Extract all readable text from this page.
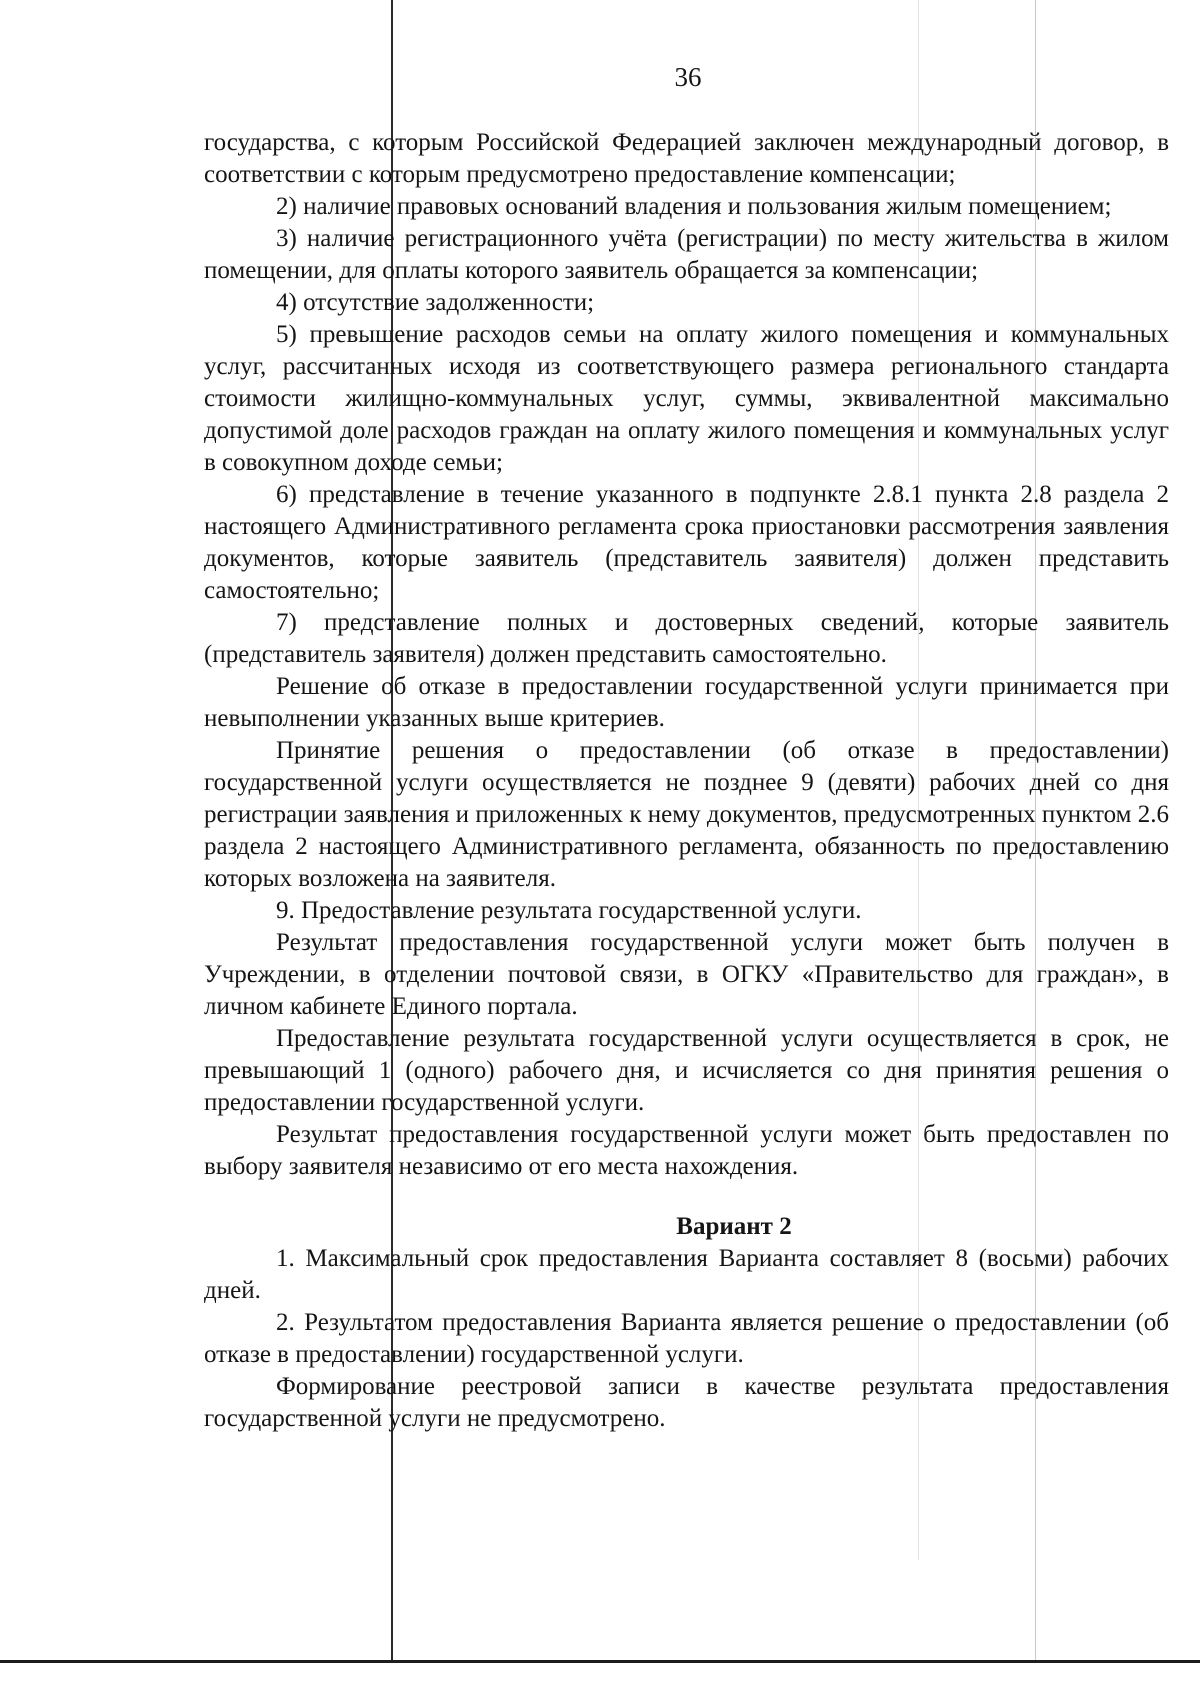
36

государства, с которым Российской Федерацией заключен международный договор, в соответствии с которым предусмотрено предоставление компенсации;

2) наличие правовых оснований владения и пользования жилым помещением;

3) наличие регистрационного учёта (регистрации) по месту жительства в жилом помещении, для оплаты которого заявитель обращается за компенсации;

4) отсутствие задолженности;

5) превышение расходов семьи на оплату жилого помещения и коммунальных услуг, рассчитанных исходя из соответствующего размера регионального стандарта стоимости жилищно-коммунальных услуг, суммы, эквивалентной максимально допустимой доле расходов граждан на оплату жилого помещения и коммунальных услуг в совокупном доходе семьи;

6) представление в течение указанного в подпункте 2.8.1 пункта 2.8 раздела 2 настоящего Административного регламента срока приостановки рассмотрения заявления документов, которые заявитель (представитель заявителя) должен представить самостоятельно;

7) представление полных и достоверных сведений, которые заявитель (представитель заявителя) должен представить самостоятельно.

Решение об отказе в предоставлении государственной услуги принимается при невыполнении указанных выше критериев.

Принятие решения о предоставлении (об отказе в предоставлении) государственной услуги осуществляется не позднее 9 (девяти) рабочих дней со дня регистрации заявления и приложенных к нему документов, предусмотренных пунктом 2.6 раздела 2 настоящего Административного регламента, обязанность по предоставлению которых возложена на заявителя.

9. Предоставление результата государственной услуги.

Результат предоставления государственной услуги может быть получен в Учреждении, в отделении почтовой связи, в ОГКУ «Правительство для граждан», в личном кабинете Единого портала.

Предоставление результата государственной услуги осуществляется в срок, не превышающий 1 (одного) рабочего дня, и исчисляется со дня принятия решения о предоставлении государственной услуги.

Результат предоставления государственной услуги может быть предоставлен по выбору заявителя независимо от его места нахождения.

Вариант 2

1. Максимальный срок предоставления Варианта составляет 8 (восьми) рабочих дней.

2. Результатом предоставления Варианта является решение о предоставлении (об отказе в предоставлении) государственной услуги.

Формирование реестровой записи в качестве результата предоставления государственной услуги не предусмотрено.
